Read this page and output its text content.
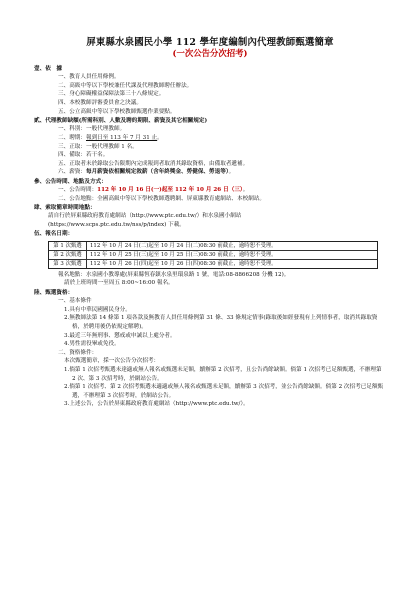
屏東縣水泉國民小學 112 學年度編制內代理教師甄選簡章
(一次公告分次招考)
壹、依　據
一、教育人員任用條例。
二、高級中等以下學校兼任代課及代理教師聘任辦法。
三、身心障礙權益保障法第三十八條規定。
四、本校教師評審委員會之決議。
五、公立高級中等以下學校教師甄選作業要點。
貳、代理教師缺額(所需科別、人數及聘約期限、薪資及其它相關規定)
一、科別：一般代理教師。
二、聘期：報到日至 113 年 7 月 31 止。
三、正取：一般代理教師 1 名。
四、備取：若干名。
五、正取者未於錄取公告限期內完成報到者取消其錄取資格，由備取者遞補。
六、薪資：每月薪資依相關規定敘薪（含年終獎金、勞健保、勞退等）。
參、公告時間、地點及方式：
一、公告時間：112 年 10 月 16 日(一)起至 112 年 10 月 26 日（三）。
二、公告地點：全國高級中等以下學校教師選聘網、屏東縣教育處網站、本校網站。
肆、索取簡章時間地點：
請自行於屏東縣政府教育處網站（http://www.ptc.edu.tw/）和水泉國小網站
(https://www.scps.ptc.edu.tw/nss/p/index) 下載。
伍、報名日期：
第 1 次甄選	112 年 10 月 24 日(二)起至 10 月 24 日(二)08:30 前截止，逾時恕不受理。
第 2 次甄選	112 年 10 月 25 日(三)起至 10 月 25 日(三)08:30 前截止，逾時恕不受理。
第 3 次甄選	112 年 10 月 26 日(四)起至 10 月 26 日(四)08:30 前截止，逾時恕不受理。
報名地點：水泉國小教導處(屏東縣恆春鎮水泉里環泉路 1 號，電話:08-8866208 分機 12)。
請於上班時間一至周五 8:00~16:00 報名。
陸、甄選資格：
一、基本條件
1.具有中華民國國民身分。
2.無教師法第 14 條第 1 項各款及無教育人員任用條例第 31 條、33 條規定情事(錄取後如經發現有上列情事者，取消其錄取資格，於聘用後仍依規定解聘)。
3.最近三年無刑事、懲戒或申誡以上處分者。
4.男性需役畢或免役。
二、資格條件：
本次甄選簡章，採一次公告分次招考：
1.倘第 1 次招考甄選未達適或無人報名或甄選未足額，續辦第 2 次招考，且公告尚餘缺額。倘第 1 次招考已足額甄選，不辦理第 2 次、第 3 次招考時，於網站公告。
2.倘第 1 次招考、第 2 次招考甄選未適適或無人報名或甄選未足額，續辦第 3 次招考，並公告尚餘缺額。倘第 2 次招考已足額甄選，不辦理第 3 次招考時，於網站公告。
3.上述公告，公告於屏東縣政府教育處網站（http://www.ptc.edu.tw/）。
